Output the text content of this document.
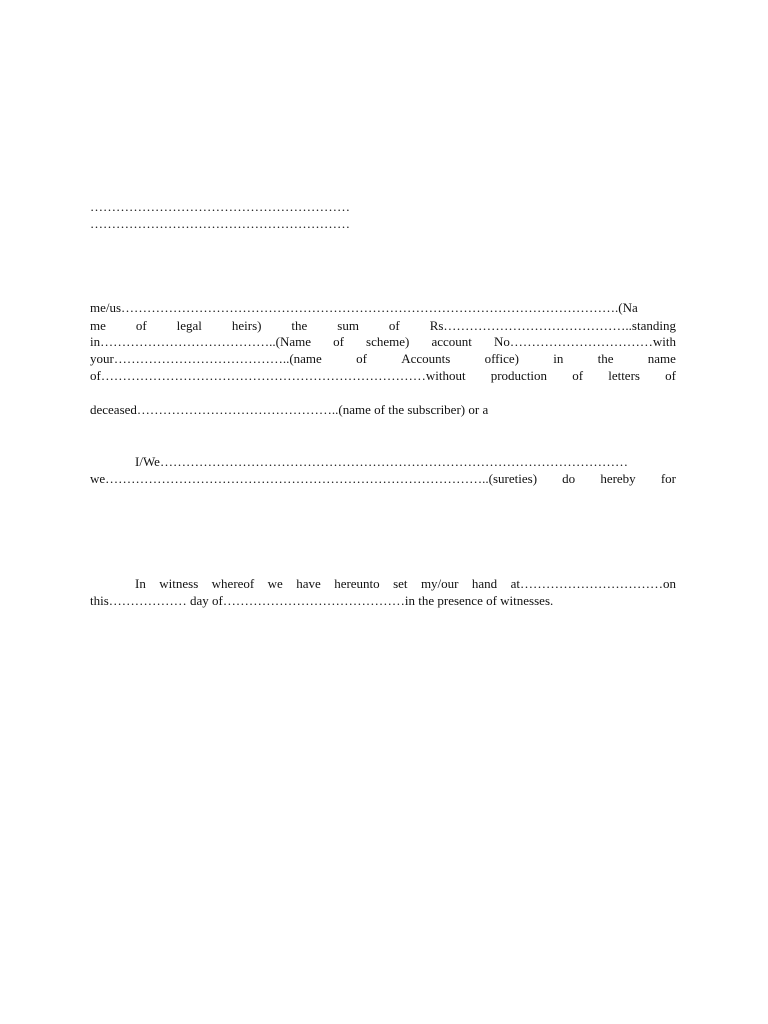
……………………………………………………
……………………………………………………
me/us…………………………………………………………………………………………………….(Na
me of legal heirs) the sum of Rs……………………………………..standing
in…………………………………..(Name of scheme) account No……………………………with
your…………………………………..(name	of	Accounts	office)	in	the	name
of…………………………………………………………………without production of letters of
deceased………………………………………..(name of the subscriber) or a
I/We………………………………………………………………………………………………
we……………………………………………………………………………..(sureties) do hereby for
In witness whereof we have hereunto set my/our hand at……………………………on
this……………… day of……………………………………in the presence of witnesses.
